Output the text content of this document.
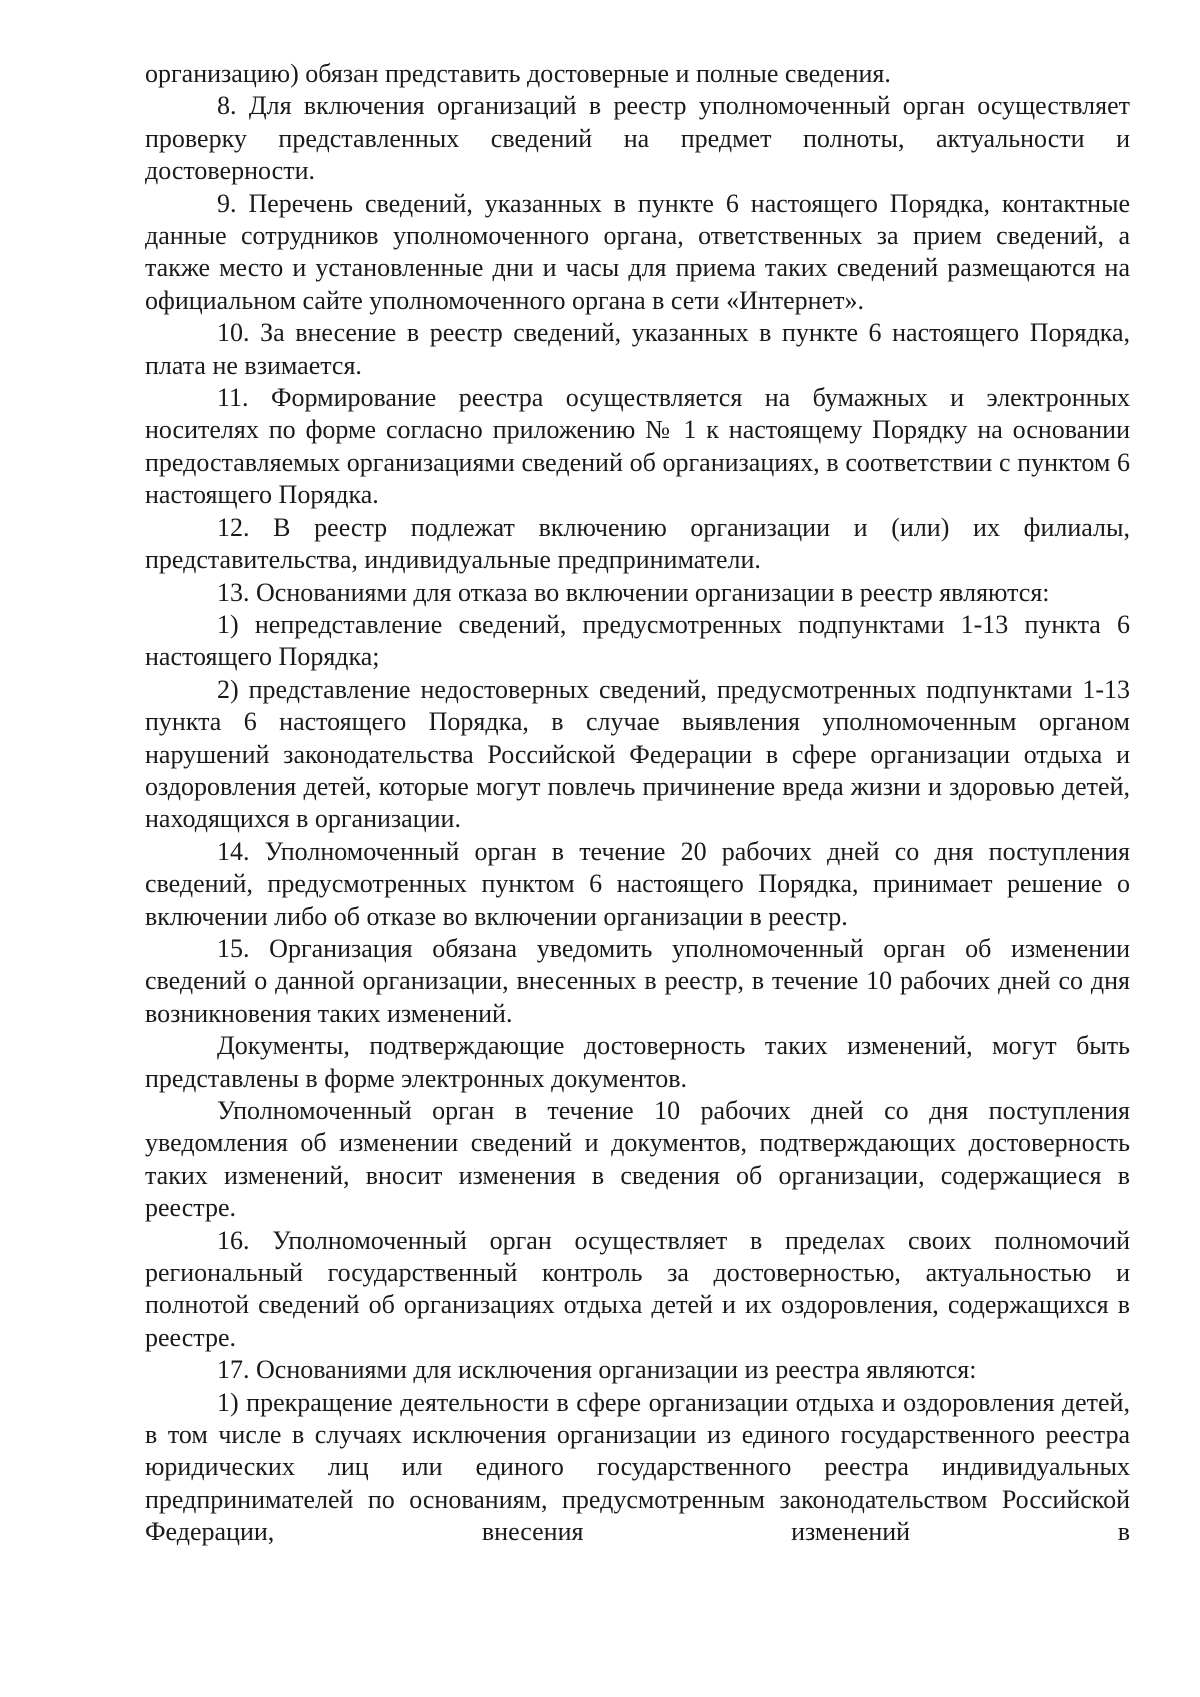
организацию) обязан представить достоверные и полные сведения.

8. Для включения организаций в реестр уполномоченный орган осуществляет проверку представленных сведений на предмет полноты, актуальности и достоверности.

9. Перечень сведений, указанных в пункте 6 настоящего Порядка, контактные данные сотрудников уполномоченного органа, ответственных за прием сведений, а также место и установленные дни и часы для приема таких сведений размещаются на официальном сайте уполномоченного органа в сети «Интернет».

10. За внесение в реестр сведений, указанных в пункте 6 настоящего Порядка, плата не взимается.

11. Формирование реестра осуществляется на бумажных и электронных носителях по форме согласно приложению № 1 к настоящему Порядку на основании предоставляемых организациями сведений об организациях, в соответствии с пунктом 6 настоящего Порядка.

12. В реестр подлежат включению организации и (или) их филиалы, представительства, индивидуальные предприниматели.

13. Основаниями для отказа во включении организации в реестр являются:

1) непредставление сведений, предусмотренных подпунктами 1-13 пункта 6 настоящего Порядка;

2) представление недостоверных сведений, предусмотренных подпунктами 1-13 пункта 6 настоящего Порядка, в случае выявления уполномоченным органом нарушений законодательства Российской Федерации в сфере организации отдыха и оздоровления детей, которые могут повлечь причинение вреда жизни и здоровью детей, находящихся в организации.

14. Уполномоченный орган в течение 20 рабочих дней со дня поступления сведений, предусмотренных пунктом 6 настоящего Порядка, принимает решение о включении либо об отказе во включении организации в реестр.

15. Организация обязана уведомить уполномоченный орган об изменении сведений о данной организации, внесенных в реестр, в течение 10 рабочих дней со дня возникновения таких изменений.

Документы, подтверждающие достоверность таких изменений, могут быть представлены в форме электронных документов.

Уполномоченный орган в течение 10 рабочих дней со дня поступления уведомления об изменении сведений и документов, подтверждающих достоверность таких изменений, вносит изменения в сведения об организации, содержащиеся в реестре.

16. Уполномоченный орган осуществляет в пределах своих полномочий региональный государственный контроль за достоверностью, актуальностью и полнотой сведений об организациях отдыха детей и их оздоровления, содержащихся в реестре.

17. Основаниями для исключения организации из реестра являются:

1) прекращение деятельности в сфере организации отдыха и оздоровления детей, в том числе в случаях исключения организации из единого государственного реестра юридических лиц или единого государственного реестра индивидуальных предпринимателей по основаниям, предусмотренным законодательством Российской Федерации, внесения изменений в
